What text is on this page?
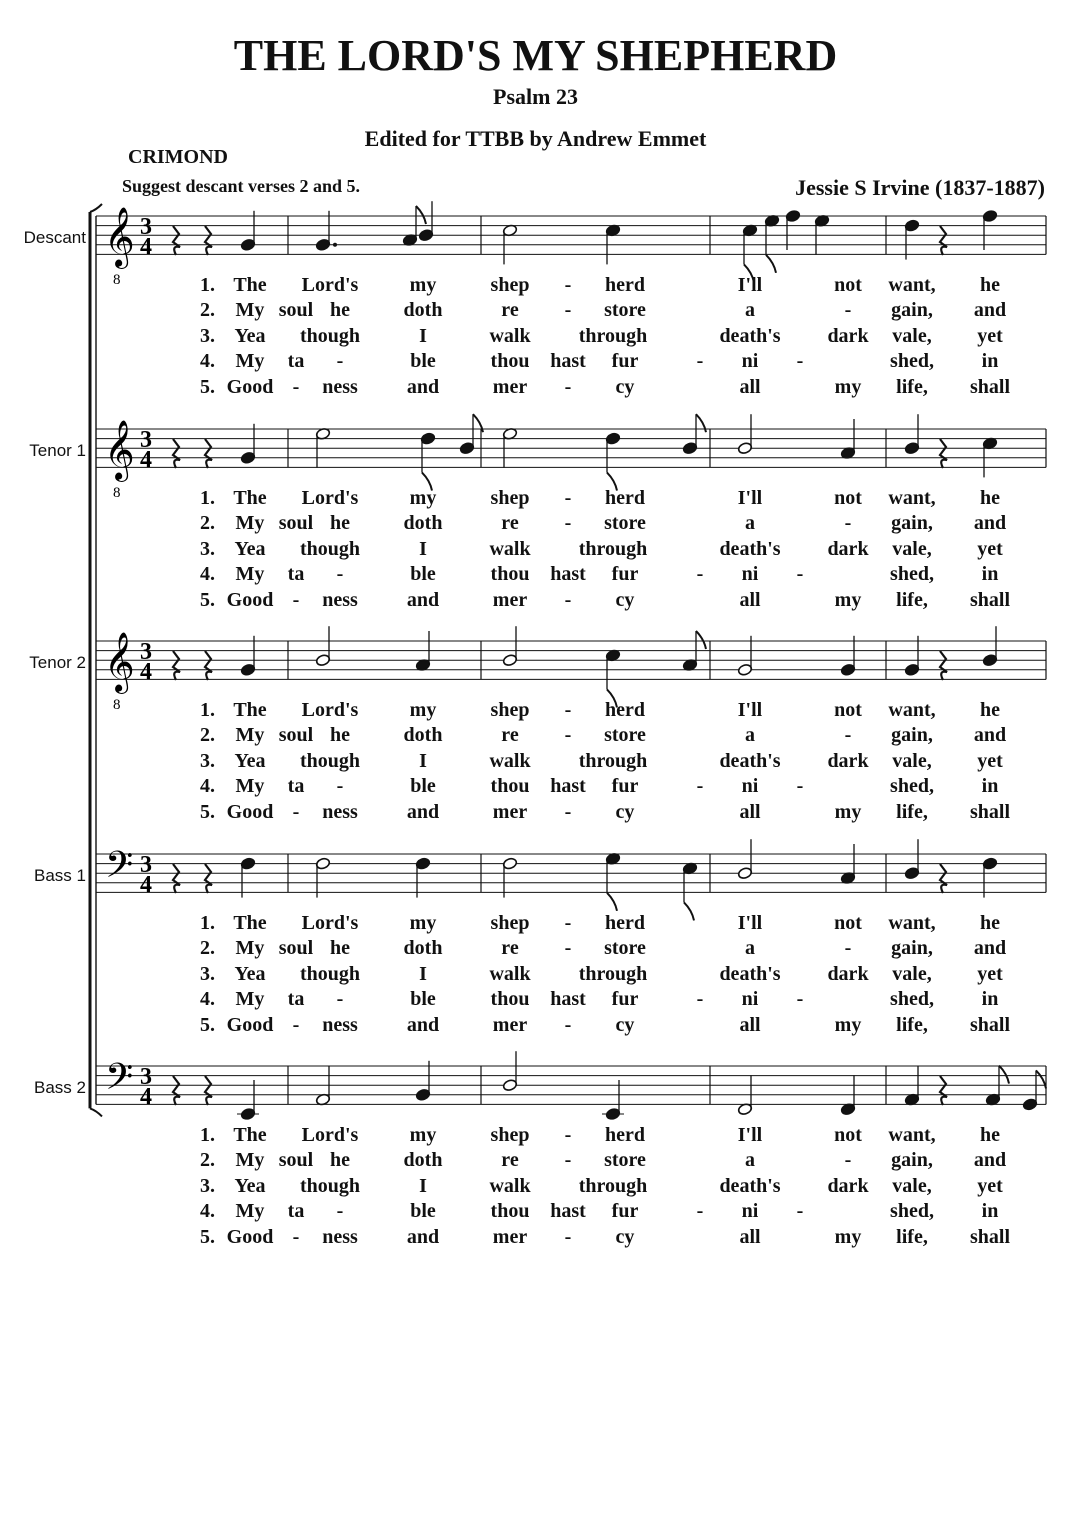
THE LORD'S MY SHEPHERD
Psalm 23
Edited for TTBB by Andrew Emmet
CRIMOND
Suggest descant verses 2 and 5.	Jessie S Irvine (1837-1887)
𝄞
8
3
4
𝄞
8
3
4
𝄞
8
3
4
𝄢 3
4
𝄢 3
4
Descant
1. The Lord's	my	shep - herd	I'll	not want, he
2. My soul he	doth	re - store	a	- gain, and
3. Yea though	I	walk through	death's dark vale, yet
4. My ta -	ble	thou hast fur	- ni -	shed, in
5. Good - ness and	mer - cy	all	my life, shall
Tenor 1
1. The Lord's	my	shep - herd	I'll	not want, he
2. My soul he	doth	re - store	a	- gain, and
3. Yea though	I	walk through	death's dark vale, yet
4. My ta -	ble	thou hast fur	- ni -	shed, in
5. Good - ness and	mer - cy	all	my life, shall
Tenor 2
1. The Lord's	my	shep - herd	I'll	not want, he
2. My soul he	doth	re - store	a	- gain, and
3. Yea though	I	walk through	death's dark vale, yet
4. My ta -	ble	thou hast fur	- ni -	shed, in
5. Good - ness and	mer - cy	all	my life, shall
Bass 1
1. The Lord's	my	shep - herd	I'll	not want, he
2. My soul he	doth	re - store	a	- gain, and
3. Yea though	I	walk through	death's dark vale, yet
4. My ta -	ble	thou hast fur	- ni -	shed, in
5. Good - ness and	mer - cy	all	my life, shall
Bass 2
1. The Lord's	my	shep - herd	I'll	not want, he
2. My soul he	doth	re - store	a	- gain, and
3. Yea though	I	walk through	death's dark vale, yet
4. My ta -	ble	thou hast fur	- ni -	shed, in
5. Good - ness and	mer - cy	all	my life, shall
